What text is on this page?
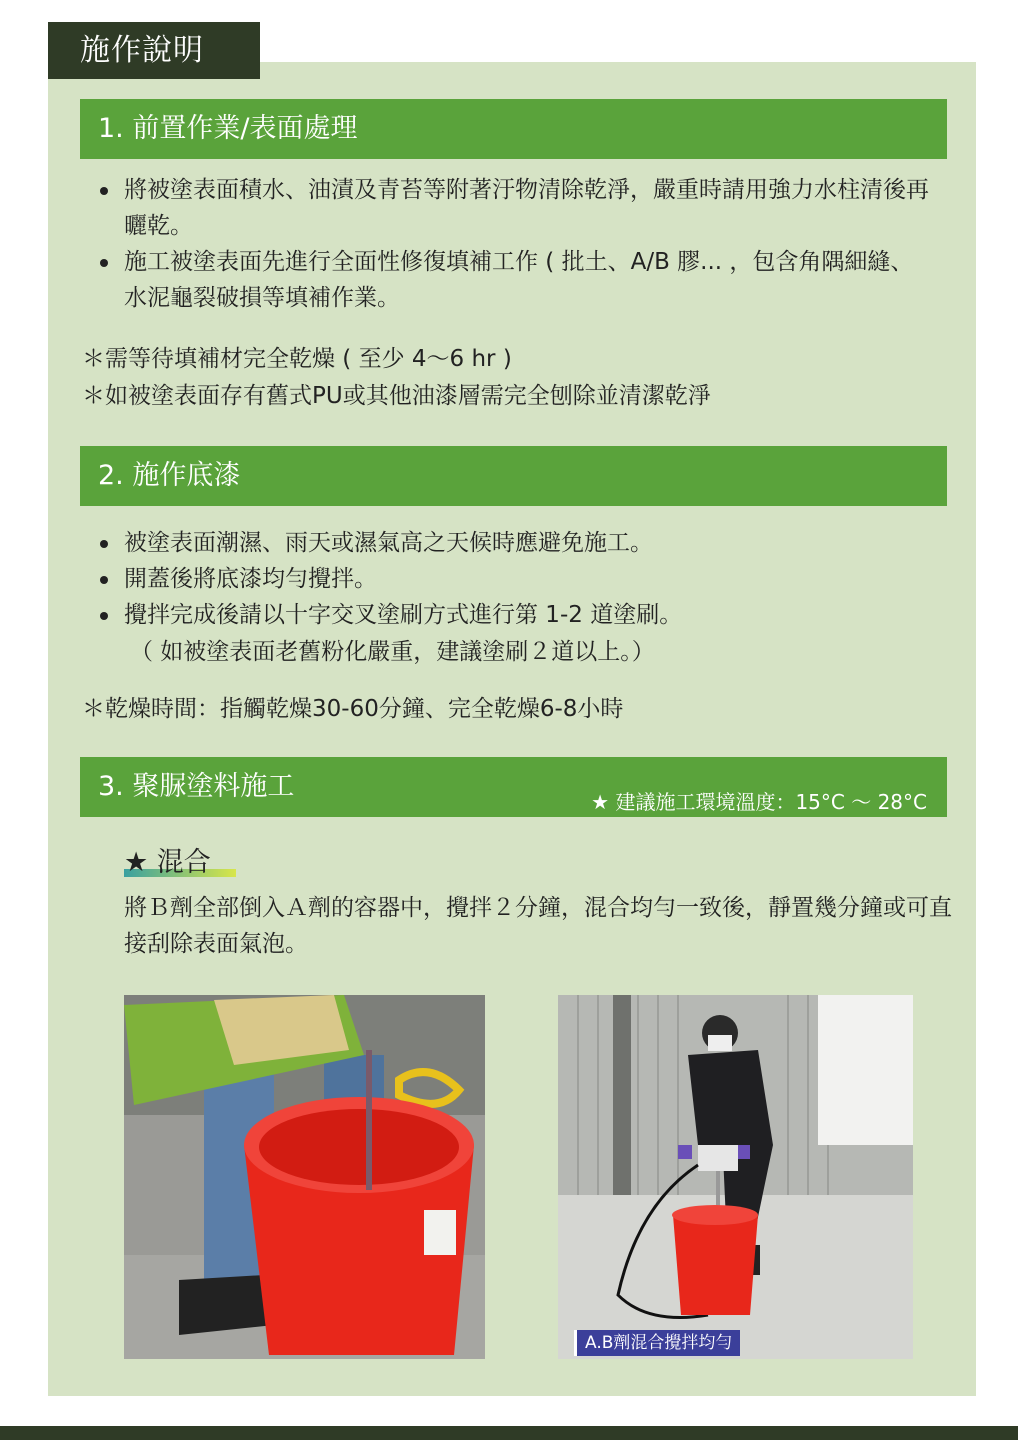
施作說明
1. 前置作業/表面處理
將被塗表面積水、油漬及青苔等附著汙物清除乾淨，嚴重時請用強力水柱清後再曬乾。
施工被塗表面先進行全面性修復填補工作 ( 批土、A/B 膠... ，包含角隅細縫、水泥龜裂破損等填補作業。
＊需等待填補材完全乾燥 ( 至少 4～6 hr )
＊如被塗表面存有舊式PU或其他油漆層需完全刨除並清潔乾淨
2. 施作底漆
被塗表面潮濕、雨天或濕氣高之天候時應避免施工。
開蓋後將底漆均勻攪拌。
攪拌完成後請以十字交叉塗刷方式進行第 1-2 道塗刷。
（ 如被塗表面老舊粉化嚴重，建議塗刷２道以上。）
＊乾燥時間：指觸乾燥30-60分鐘、完全乾燥6-8小時
3. 聚脲塗料施工	★ 建議施工環境溫度：15°C ～ 28°C
★ 混合
將Ｂ劑全部倒入Ａ劑的容器中，攪拌２分鐘，混合均勻一致後，靜置幾分鐘或可直接刮除表面氣泡。
A.B劑混合攪拌均勻
